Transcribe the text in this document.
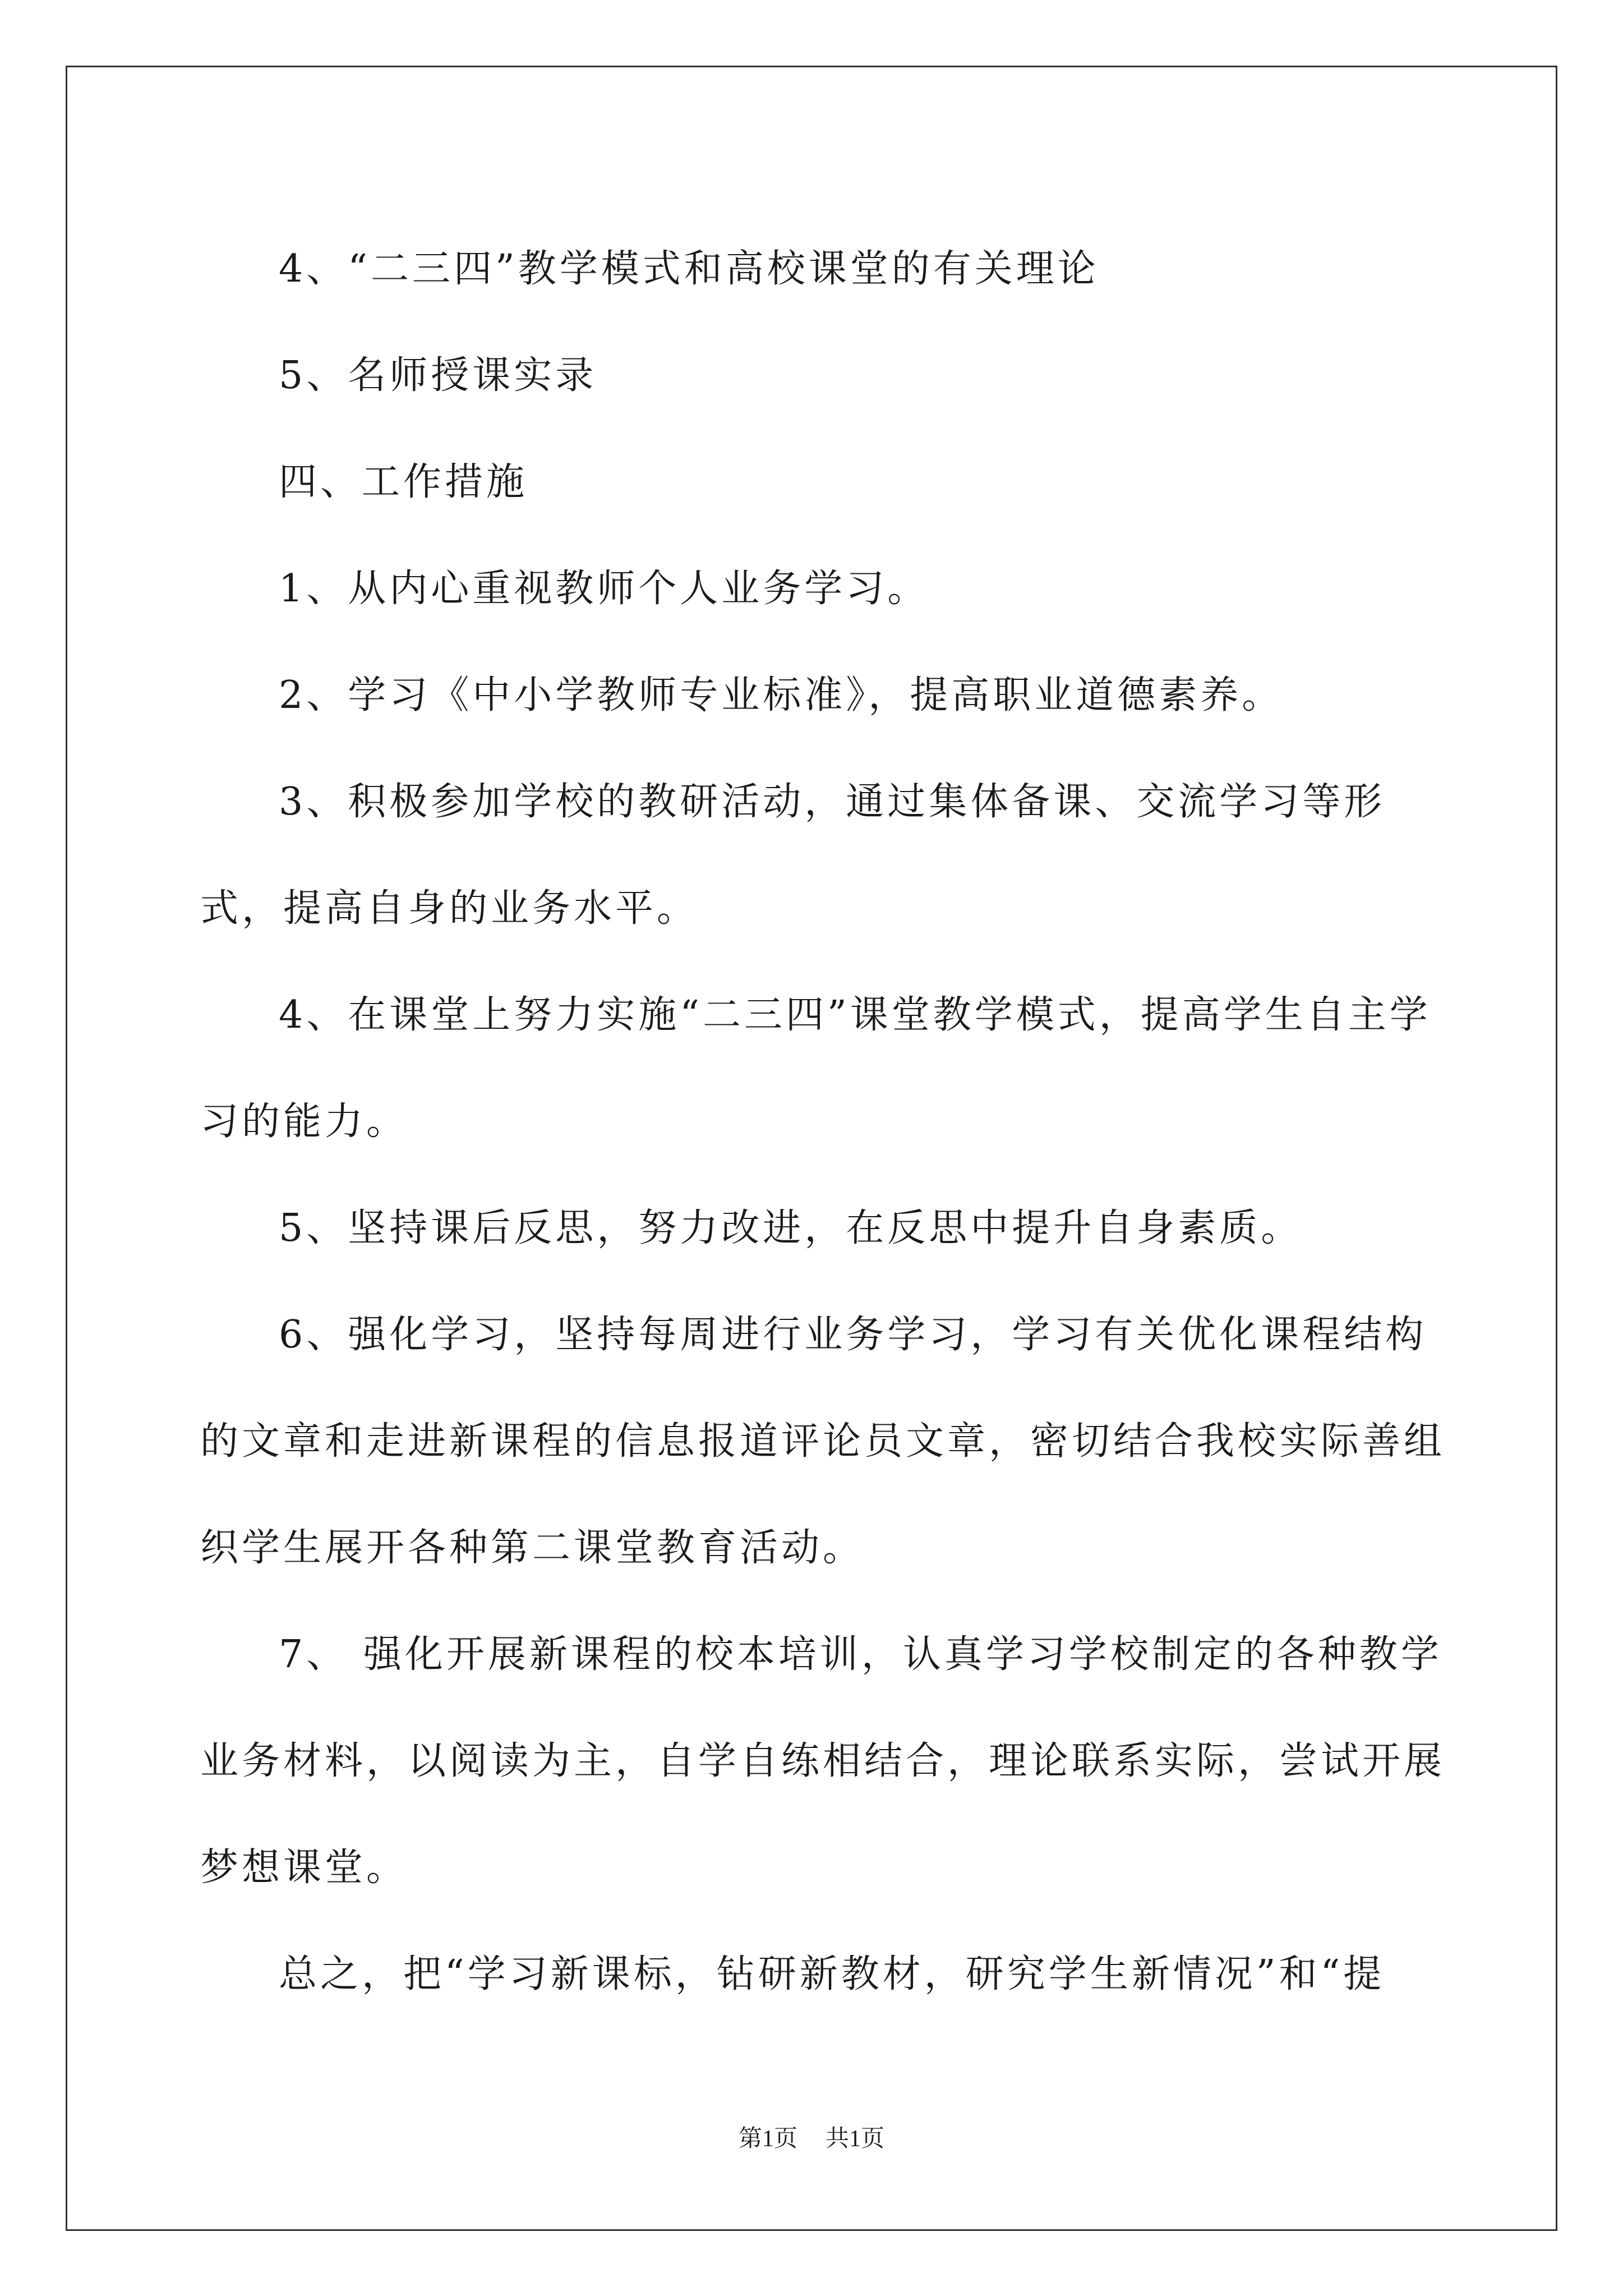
4、“二三四”教学模式和高校课堂的有关理论

5、名师授课实录

四、工作措施

1、从内心重视教师个人业务学习。

2、学习《中小学教师专业标准》，提高职业道德素养。

3、积极参加学校的教研活动，通过集体备课、交流学习等形式，提高自身的业务水平。

4、在课堂上努力实施“二三四”课堂教学模式，提高学生自主学习的能力。

5、坚持课后反思，努力改进，在反思中提升自身素质。

6、强化学习，坚持每周进行业务学习，学习有关优化课程结构的文章和走进新课程的信息报道评论员文章，密切结合我校实际善组织学生展开各种第二课堂教育活动。

7、 强化开展新课程的校本培训，认真学习学校制定的各种教学业务材料，以阅读为主，自学自练相结合，理论联系实际，尝试开展梦想课堂。

总之，把“学习新课标，钻研新教材，研究学生新情况”和“提

第1页 共1页
